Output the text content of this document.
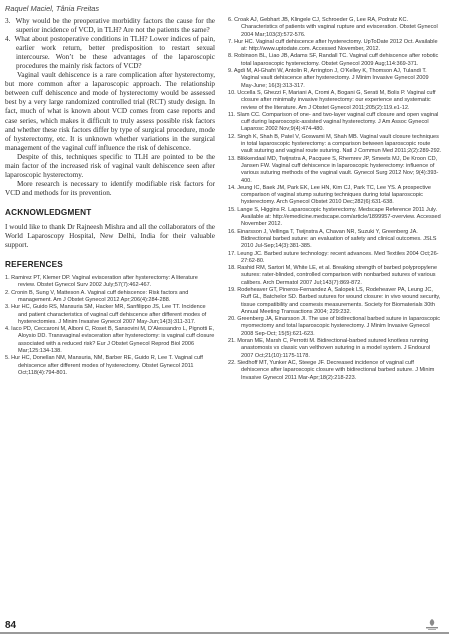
Raquel Maciel, Tânia Freitas

3. Why would be the preoperative morbidity factors the cause for the superior incidence of VCD, in TLH? Are not the patients the same?

4. What about postoperative conditions in TLH? Lower indices of pain, earlier work return, better predisposition to restart sexual intercourse. Won’t be these advantages of the laparoscopic procedures the mainly risk factors of VCD?

Vaginal vault dehiscence is a rare complication after hysterectomy, but more common after a laparoscopic approach. The relationship between cuff dehiscence and mode of hysterectomy would be assessed best by a very large randomized controlled trial (RCT) study design. In fact, much of what is known about VCD comes from case reports and case series, which makes it difficult to truly assess possible risk factors and whether these risk factors differ by type of surgical procedure, mode of hysterectomy, etc. It is unknown whether variations in the surgical management of the vaginal cuff influence the risk of dehiscence.

Despite of this, techniques specific to TLH are pointed to be the main factor of the increased risk of vaginal vault dehiscence seen after laparoscopic hysterectomy.

More research is necessary to identify modifiable risk factors for VCD and methods for its prevention.

ACKNOWLEDGMENT

I would like to thank Dr Rajneesh Mishra and all the collaborators of the World Laparoscopy Hospital, New Delhi, India for their valuable support.

REFERENCES
1. Ramirez PT, Klemer DP. Vaginal evisceration after hysterectomy: A literature review. Obstet Gynecol Surv 2002 July;57(7):462-467.
2. Cronin B, Sung V, Matteson A. Vaginal cuff dehiscence: Risk factors and management. Am J Obstet Gynecol 2012 Apr;206(4):284-288.
3. Hur HC, Guido RS, Mansuria SM, Hacker MR, Sanfilippo JS, Lee TT. Incidence and patient characteristics of vaginal cuff dehiscence after different modes of hysterectomies. J Minim Invasive Gynecol 2007 May-Jun;14(3):311-317.
4. Iaco PD, Ceccaroni M, Alboni C, Roset B, Sansovini M, D’Alessandro L, Pignotti E, Aloysio DD. Transvaginal evisceration after hysterectomy: is vaginal cuff closure associated with a reduced risk? Eur J Obstet Gynecol Reprod Biol 2006 Mar;125:134-138.
5. Hur HC, Donellan NM, Mansuria, NM, Barber RE, Guido R, Lee T. Vaginal cuff dehiscence after different modes of hysterectomy. Obstet Gynecol 2011 Oct;118(4):794-801.
6. Croak AJ, Gebhart JB, Klingele CJ, Schroeder G, Lee RA, Podratz KC. Characteristics of patients with vaginal rupture and evisceration. Obstet Gynecol 2004 Mar;103(3):572-576.
7. Hur HC. Vaginal cuff dehiscence after hysterectomy. UpToDate 2012 Oct. Available at: http://www.uptodate.com. Accessed November, 2012.
8. Robinson BL, Liao JB, Adams SF, Randall TC. Vaginal cuff dehiscence after robotic total laparoscopic hysterectomy. Obstet Gynecol 2009 Aug;114:369-371.
9. Agdi M, Al-Ghafri W, Antolin R, Arrington J, O’Kelley K, Thomson AJ, Tulandi T. Vaginal vault dehiscence after hysterectomy. J Minim Invasive Gynecol 2009 May-June; 16(3):313-317.
10. Uccella S, Ghezzi F, Mariani A, Cromi A, Bogani G, Serati M, Bolis P. Vaginal cuff closure after minimally invasive hysterectomy: our experience and systematic review of the literature. Am J Obstet Gynecol 2011;205(2):119.e1-12.
11. Slam CC. Comparison of one- and two-layer vaginal cuff closure and open vaginal cuff during laparoscopic-assisted vaginal hysterectomy. J Am Assoc Gynecol Laparosc 2002 Nov;9(4):474-480.
12. Singh K, Shah B, Patel V, Goswami M, Shah MB. Vaginal vault closure techniques in total laparoscopic hysterectomy: a comparison between laparoscopic route vault suturing and vaginal route suturing. Natl J Commun Med 2011;2(2):289-292.
13. Blikkendaal MD, Twijnstra A, Pacquee S, Rhemrev JP, Smeets MJ, De Kroon CD, Jansen FW. Vaginal cuff dehiscence in laparoscopic hysterectomy: influence of various suturing methods of the vaginal vault. Gynecol Surg 2012 Nov; 9(4):393-400.
14. Jeung IC, Baek JM, Park EK, Lee HN, Kim CJ, Park TC, Lee YS. A prospective comparison of vaginal stump suturing techniques during total laparoscopic hysterectomy. Arch Gynecol Obstet 2010 Dec;282(6):631-638.
15. Lange S, Higgins R. Laparoscopic hysterectomy. Medscape Reference 2011 July. Available at: http://emedicine.medscape.com/article/1899957-overview. Accessed November 2012.
16. Einarsson J, Vellinga T, Twijnstra A, Chavan NR, Suzuki Y, Greenberg JA. Bidirectional barbed suture: an evaluation of safety and clinical outcomes. JSLS 2010 Jul-Sep;14(3):381-385.
17. Leung JC. Barbed suture technology: recent advances. Med Textiles 2004 Oct;26-27:62-80.
18. Rashid RM, Sartori M, White LE, et al. Breaking strength of barbed polypropylene sutures: rater-blinded, controlled comparison with nonbarbed sutures of various calibers. Arch Dermatol 2007 Jul;143(7):869-872.
19. Rodeheaver GT, Pineros-Fernandez A, Salopek LS, Rodeheaver PA, Leung JC, Ruff GL, Batchelor SD. Barbed sutures for wound closure: in vivo wound security, tissue compatibility and cosmesis measurements. Society for Biomaterials 30th Annual Meeting Transactions 2004; 229:232.
20. Greenberg JA, Einarsson JI. The use of bidirectional barbed suture in laparoscopic myomectomy and total laparoscopic hysterectomy. J Minim Invasive Gynecol 2008 Sep-Oct; 15(5):621-623.
21. Moran ME, Marsh C, Perrotti M. Bidirectional-barbed sutured knotless running anastomosis vs classic van velthoven suturing in a model system. J Endourol 2007 Oct;21(10):1175-1178.
22. Siedhoff MT, Yunker AC, Steege JF. Decreased incidence of vaginal cuff dehiscence after laparoscopic closure with bidirectional barbed suture. J Minim Invasive Gynecol 2011 Mar-Apr;18(2):218-223.
84
